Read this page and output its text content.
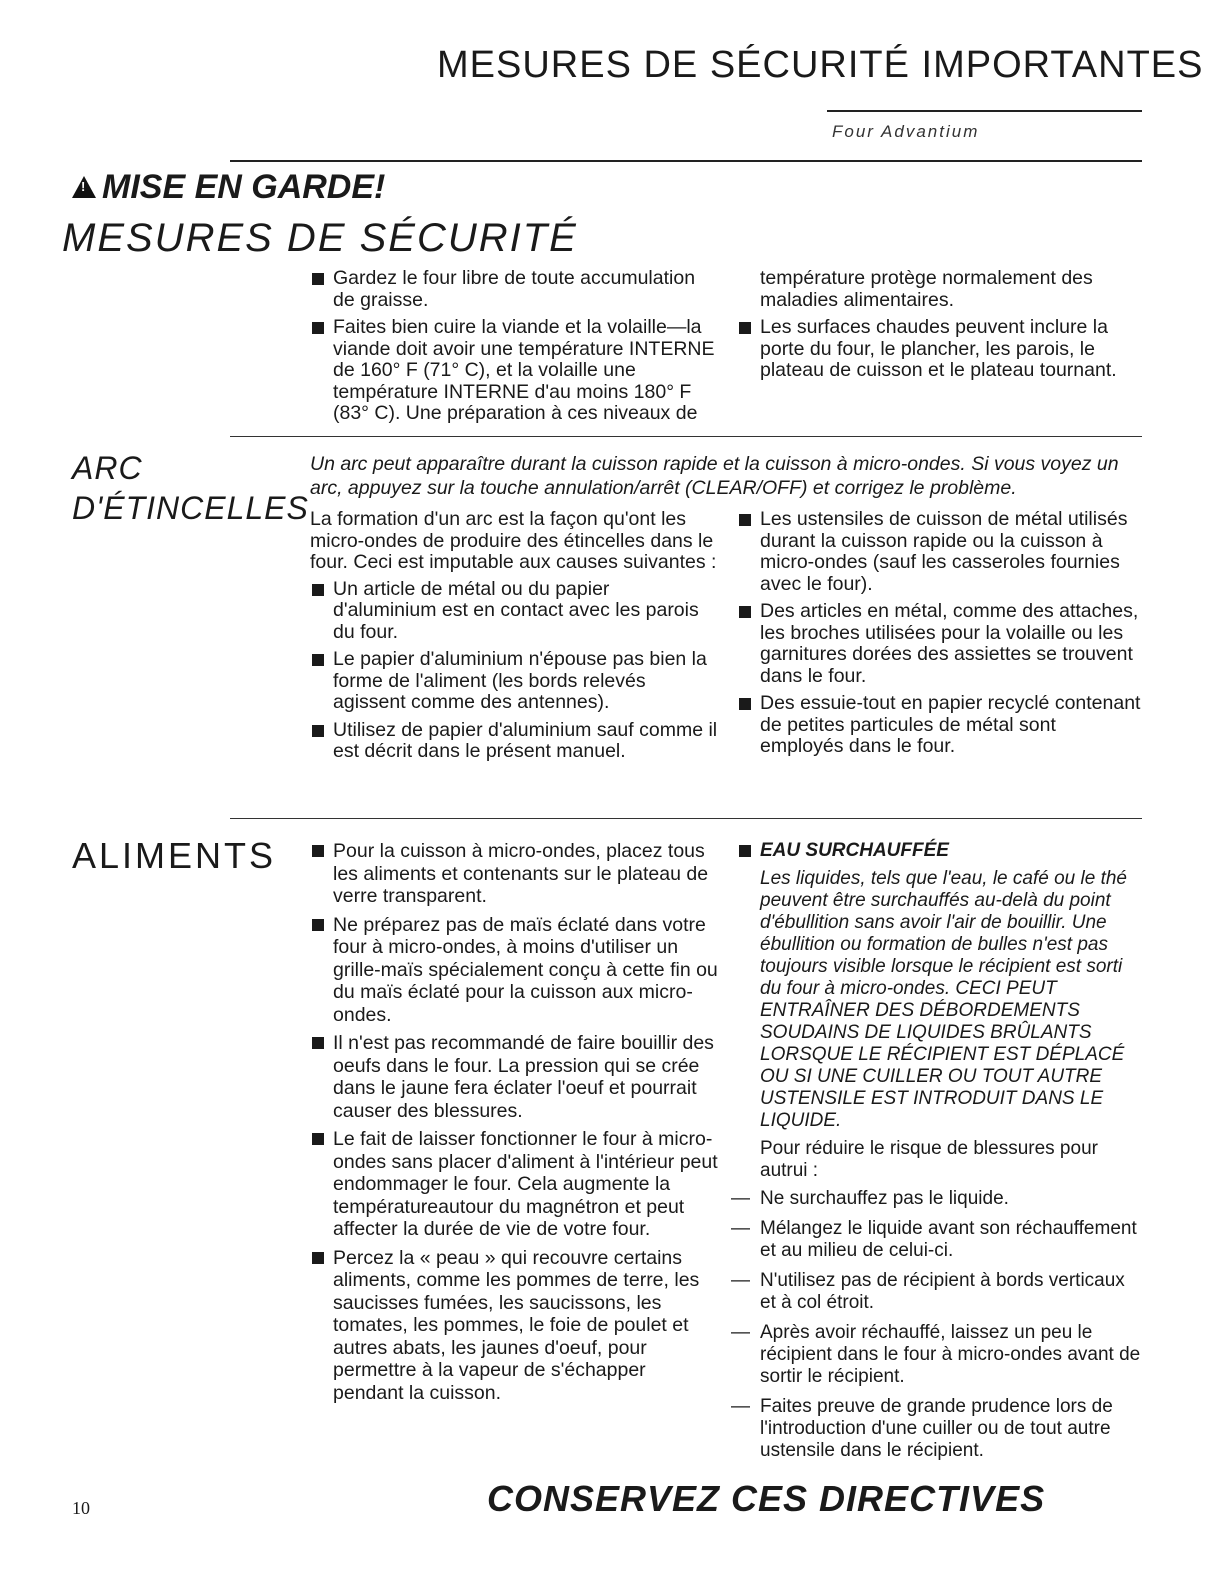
MESURES DE SÉCURITÉ IMPORTANTES
Four Advantium
!
MISE EN GARDE!
MESURES DE SÉCURITÉ
Gardez le four libre de toute accumulation de graisse.
Faites bien cuire la viande et la volaille—la viande doit avoir une température INTERNE de 160° F (71° C), et la volaille une température INTERNE d'au moins 180° F (83° C). Une préparation à ces niveaux de
température protège normalement des maladies alimentaires.
Les surfaces chaudes peuvent inclure la porte du four, le plancher, les parois, le plateau de cuisson et le plateau tournant.
ARC
D'ÉTINCELLES
Un arc peut apparaître durant la cuisson rapide et la cuisson à micro-ondes. Si vous voyez un arc, appuyez sur la touche annulation/arrêt (CLEAR/OFF) et corrigez le problème.

La formation d'un arc est la façon qu'ont les micro-ondes de produire des étincelles dans le four. Ceci est imputable aux causes suivantes :

Un article de métal ou du papier d'aluminium est en contact avec les parois du four.
Le papier d'aluminium n'épouse pas bien la forme de l'aliment (les bords relevés agissent comme des antennes).
Utilisez de papier d'aluminium sauf comme il est décrit dans le présent manuel.
Les ustensiles de cuisson de métal utilisés durant la cuisson rapide ou la cuisson à micro-ondes (sauf les casseroles fournies avec le four).
Des articles en métal, comme des attaches, les broches utilisées pour la volaille ou les garnitures dorées des assiettes se trouvent dans le four.
Des essuie-tout en papier recyclé contenant de petites particules de métal sont employés dans le four.
ALIMENTS	Pour la cuisson à micro-ondes, placez tous les aliments et contenants sur le plateau de verre transparent.
Ne préparez pas de maïs éclaté dans votre four à micro-ondes, à moins d'utiliser un grille-maïs spécialement conçu à cette fin ou du maïs éclaté pour la cuisson aux micro-ondes.
Il n'est pas recommandé de faire bouillir des oeufs dans le four. La pression qui se crée dans le jaune fera éclater l'oeuf et pourrait causer des blessures.
Le fait de laisser fonctionner le four à micro-ondes sans placer d'aliment à l'intérieur peut endommager le four. Cela augmente la températureautour du magnétron et peut affecter la durée de vie de votre four.
Percez la « peau » qui recouvre certains aliments, comme les pommes de terre, les saucisses fumées, les saucissons, les tomates, les pommes, le foie de poulet et autres abats, les jaunes d'oeuf, pour permettre à la vapeur de s'échapper pendant la cuisson.
EAU SURCHAUFFÉE
Les liquides, tels que l'eau, le café ou le thé peuvent être surchauffés au-delà du point d'ébullition sans avoir l'air de bouillir. Une ébullition ou formation de bulles n'est pas toujours visible lorsque le récipient est sorti du four à micro-ondes. CECI PEUT ENTRAÎNER DES DÉBORDEMENTS SOUDAINS DE LIQUIDES BRÛLANTS LORSQUE LE RÉCIPIENT EST DÉPLACÉ OU SI UNE CUILLER OU TOUT AUTRE USTENSILE EST INTRODUIT DANS LE LIQUIDE.
Pour réduire le risque de blessures pour autrui :
— Ne surchauffez pas le liquide.
— Mélangez le liquide avant son réchauffement et au milieu de celui-ci.
— N'utilisez pas de récipient à bords verticaux et à col étroit.
— Après avoir réchauffé, laissez un peu le récipient dans le four à micro-ondes avant de sortir le récipient.
— Faites preuve de grande prudence lors de l'introduction d'une cuiller ou de tout autre ustensile dans le récipient.
10	CONSERVEZ CES DIRECTIVES
